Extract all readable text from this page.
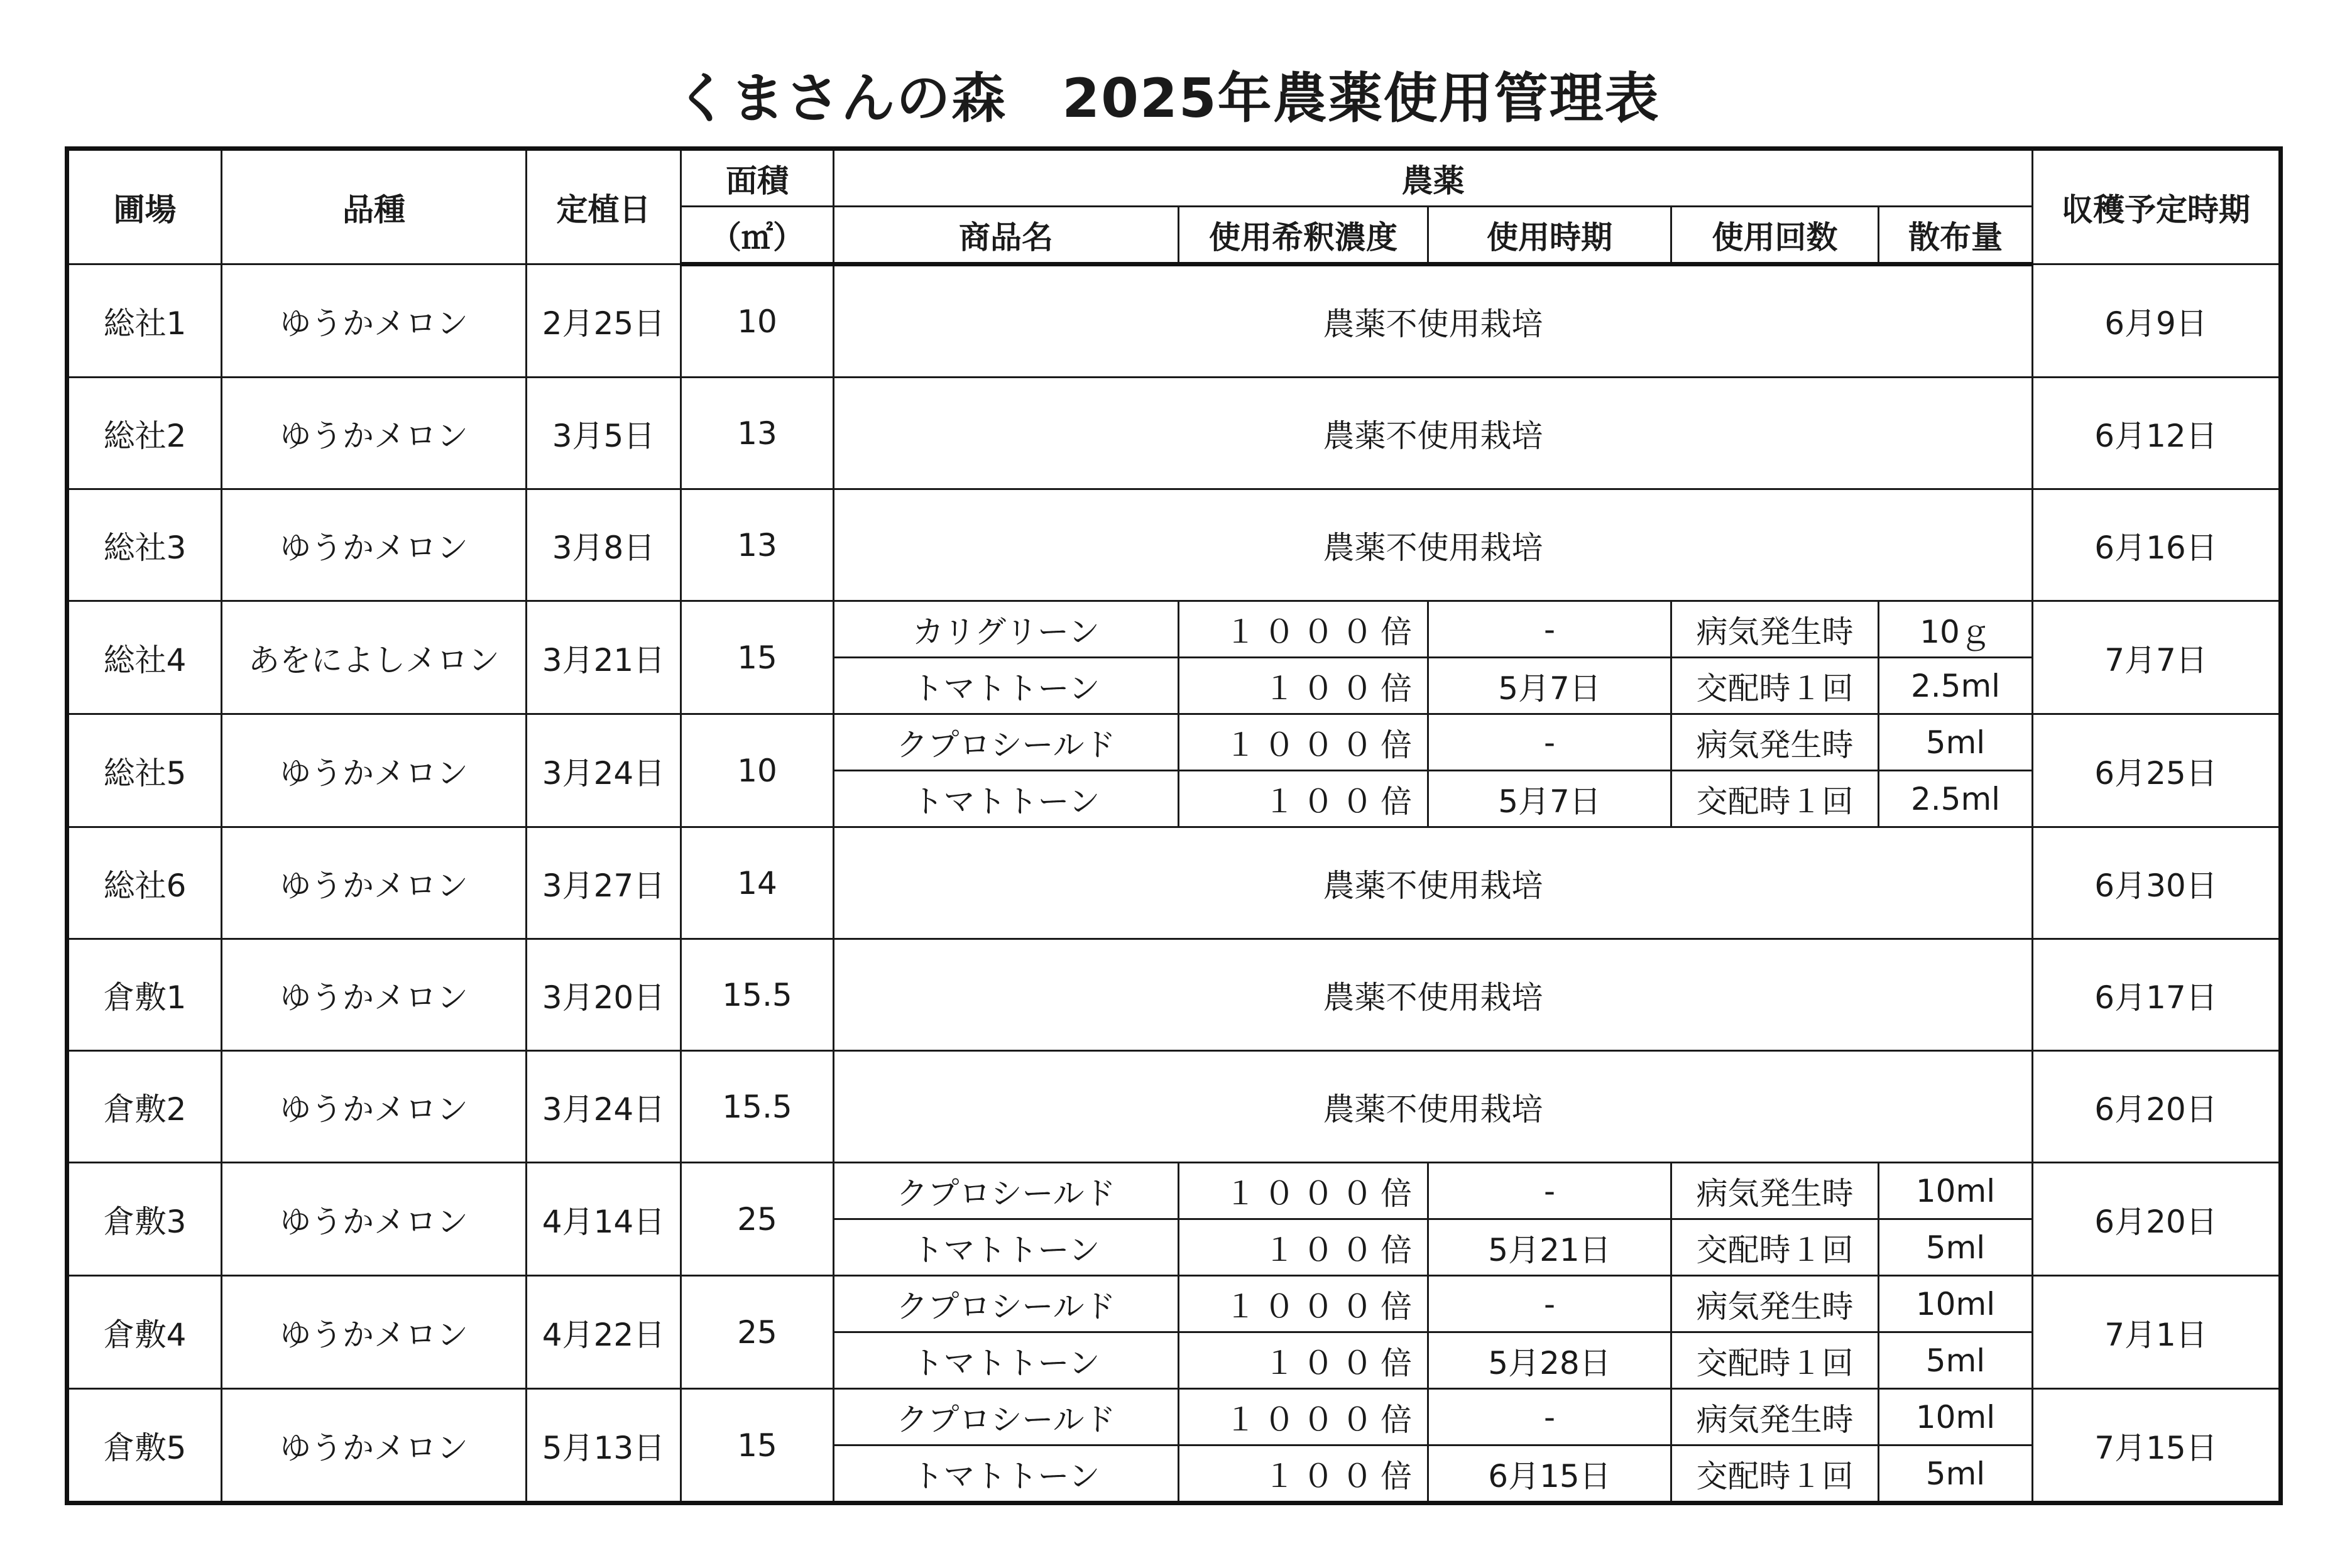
くまさんの森　2025年農薬使用管理表
圃場	品種	定植日	面積	農薬					収穫予定時期
			（㎡）	商品名	使用希釈濃度	使用時期	使用回数	散布量	
総社1	ゆうかメロン	2月25日	10	農薬不使用栽培					6月9日
総社2	ゆうかメロン	3月5日	13	農薬不使用栽培					6月12日
総社3	ゆうかメロン	3月8日	13	農薬不使用栽培					6月16日
総社4	あをによしメロン	3月21日	15	カリグリーン	１０００倍	-	病気発生時	10ｇ	7月7日
				トマトトーン	１００倍	5月7日	交配時１回	2.5ml	
総社5	ゆうかメロン	3月24日	10	クプロシールド	１０００倍	-	病気発生時	5ml	6月25日
				トマトトーン	１００倍	5月7日	交配時１回	2.5ml	
総社6	ゆうかメロン	3月27日	14	農薬不使用栽培					6月30日
倉敷1	ゆうかメロン	3月20日	15.5	農薬不使用栽培					6月17日
倉敷2	ゆうかメロン	3月24日	15.5	農薬不使用栽培					6月20日
倉敷3	ゆうかメロン	4月14日	25	クプロシールド	１０００倍	-	病気発生時	10ml	6月20日
				トマトトーン	１００倍	5月21日	交配時１回	5ml	
倉敷4	ゆうかメロン	4月22日	25	クプロシールド	１０００倍	-	病気発生時	10ml	7月1日
				トマトトーン	１００倍	5月28日	交配時１回	5ml	
倉敷5	ゆうかメロン	5月13日	15	クプロシールド	１０００倍	-	病気発生時	10ml	7月15日
				トマトトーン	１００倍	6月15日	交配時１回	5ml	
